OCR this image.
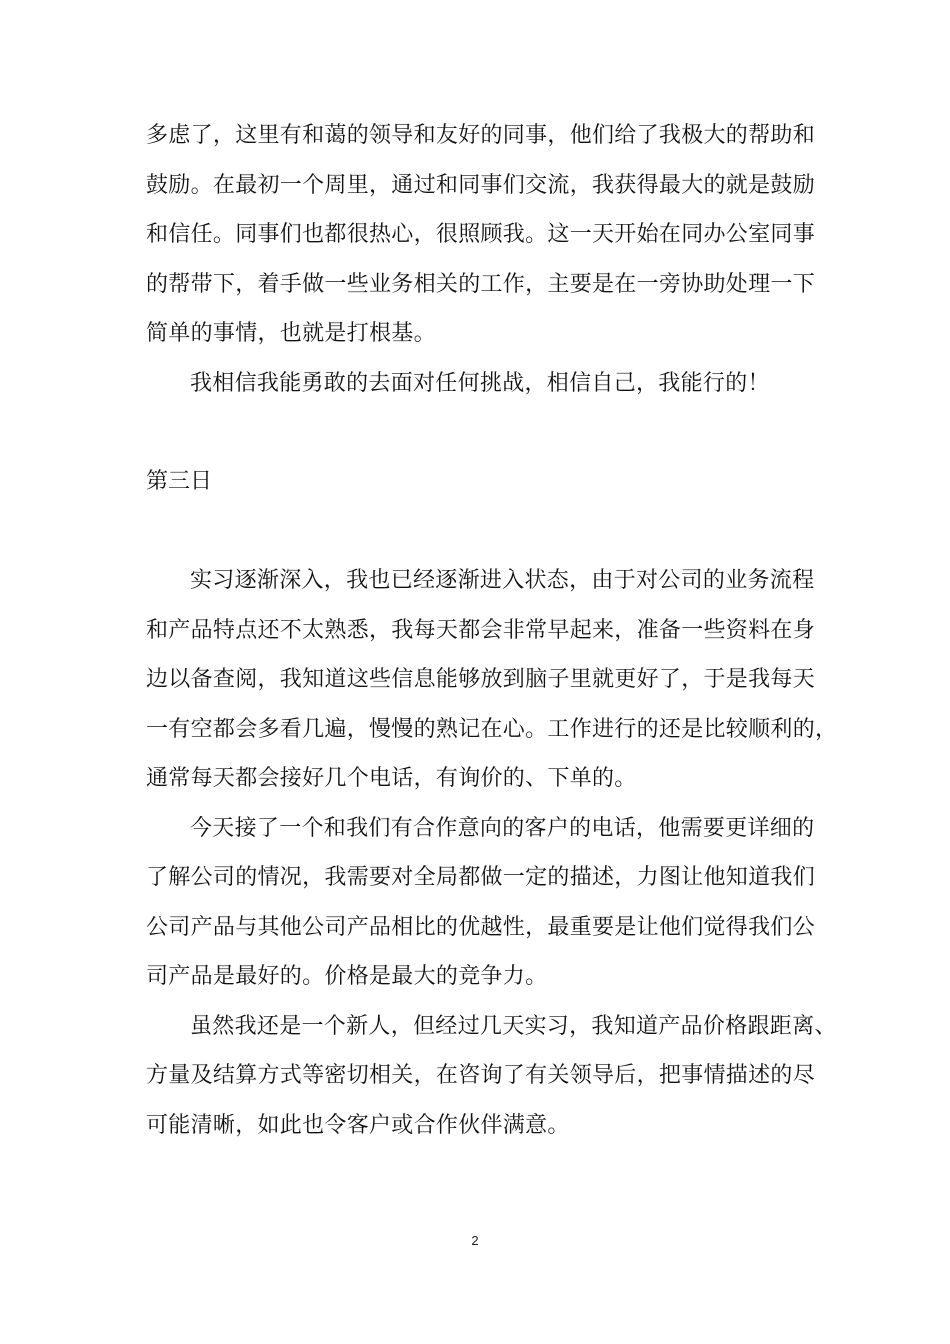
多虑了，这里有和蔼的领导和友好的同事，他们给了我极大的帮助和
鼓励。在最初一个周里，通过和同事们交流，我获得最大的就是鼓励
和信任。同事们也都很热心，很照顾我。这一天开始在同办公室同事
的帮带下，着手做一些业务相关的工作，主要是在一旁协助处理一下
简单的事情，也就是打根基。
我相信我能勇敢的去面对任何挑战，相信自己，我能行的！
第三日
实习逐渐深入，我也已经逐渐进入状态，由于对公司的业务流程
和产品特点还不太熟悉，我每天都会非常早起来，准备一些资料在身
边以备查阅，我知道这些信息能够放到脑子里就更好了，于是我每天
一有空都会多看几遍，慢慢的熟记在心。工作进行的还是比较顺利的，
通常每天都会接好几个电话，有询价的、下单的。
今天接了一个和我们有合作意向的客户的电话，他需要更详细的
了解公司的情况，我需要对全局都做一定的描述，力图让他知道我们
公司产品与其他公司产品相比的优越性，最重要是让他们觉得我们公
司产品是最好的。价格是最大的竞争力。
虽然我还是一个新人，但经过几天实习，我知道产品价格跟距离、
方量及结算方式等密切相关，在咨询了有关领导后，把事情描述的尽
可能清晰，如此也令客户或合作伙伴满意。
2
